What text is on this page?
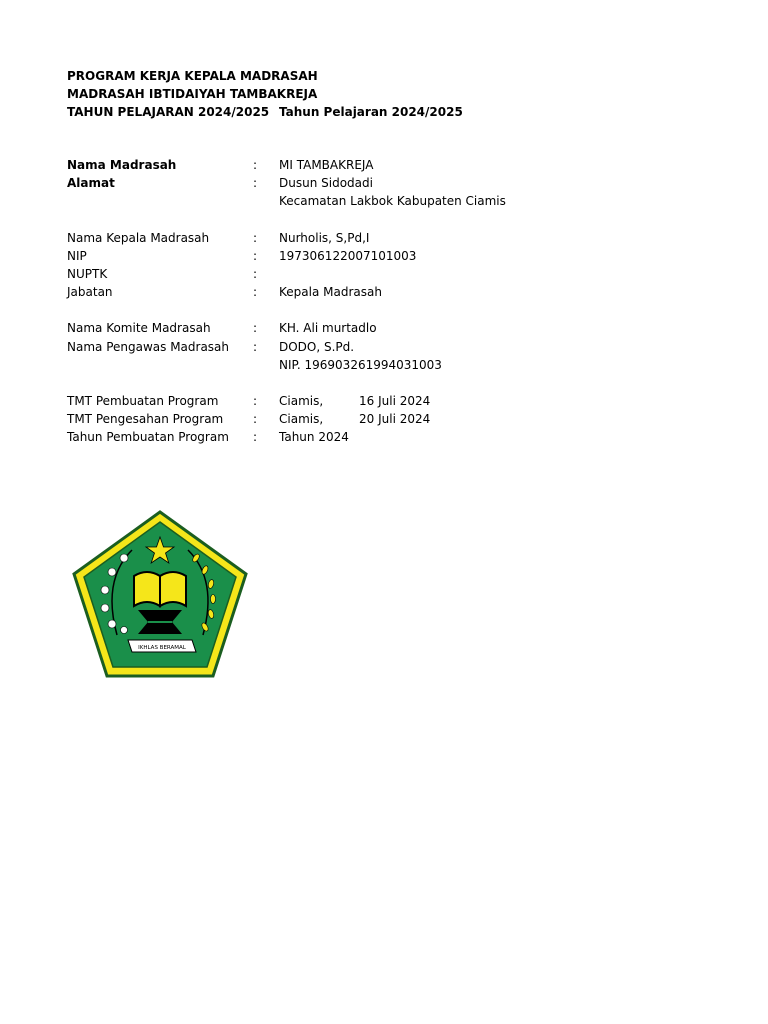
PROGRAM KERJA KEPALA MADRASAH
MADRASAH IBTIDAIYAH TAMBAKREJA
TAHUN PELAJARAN 2024/2025 Tahun Pelajaran 2024/2025
Nama Madrasah	: MI TAMBAKREJA
Alamat	: Dusun Sidodadi
Kecamatan Lakbok Kabupaten Ciamis
Nama Kepala Madrasah	: Nurholis, S,Pd,I
NIP	: 197306122007101003
NUPTK	:
Jabatan	: Kepala Madrasah
Nama Komite Madrasah	: KH. Ali murtadlo
Nama Pengawas Madrasah : DODO, S.Pd.
NIP. 196903261994031003
TMT Pembuatan Program	: Ciamis,	16 Juli 2024
TMT Pengesahan Program : Ciamis,	20 Juli 2024
Tahun Pembuatan Program : Tahun 2024
IKHLAS BERAMAL
